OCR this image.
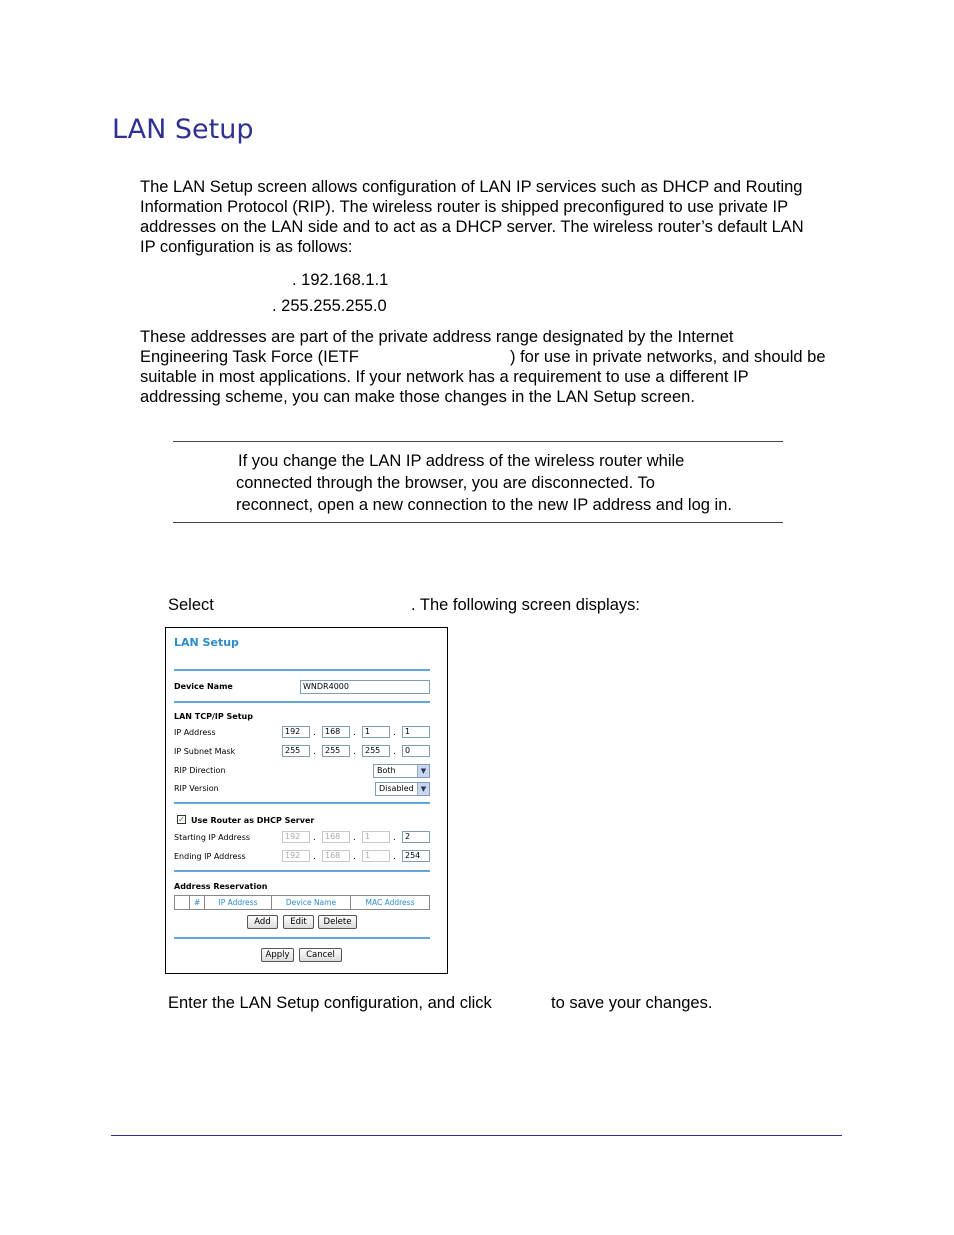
LAN Setup
The LAN Setup screen allows configuration of LAN IP services such as DHCP and Routing
Information Protocol (RIP). The wireless router is shipped preconfigured to use private IP
addresses on the LAN side and to act as a DHCP server. The wireless router’s default LAN
IP configuration is as follows:
. 192.168.1.1
. 255.255.255.0
These addresses are part of the private address range designated by the Internet
Engineering Task Force (IETF	) for use in private networks, and should be
suitable in most applications. If your network has a requirement to use a different IP
addressing scheme, you can make those changes in the LAN Setup screen.
If you change the LAN IP address of the wireless router while
connected through the browser, you are disconnected. To
reconnect, open a new connection to the new IP address and log in.
Select	. The following screen displays:
LAN Setup
Device Name	WNDR4000
LAN TCP/IP Setup
IP Address	192	.	168	.	1	.	1
IP Subnet Mask	255	.	255	.	255	.	0
RIP Direction	Both	▼
RIP Version	Disabled	▼
✓ Use Router as DHCP Server
Starting IP Address	192	.	168	.	1	.	2
Ending IP Address	192	.	168	.	1	.	254
Address Reservation
#	IP Address	Device Name	MAC Address
Add	Edit	Delete
Apply	Cancel
Enter the LAN Setup configuration, and click	to save your changes.
